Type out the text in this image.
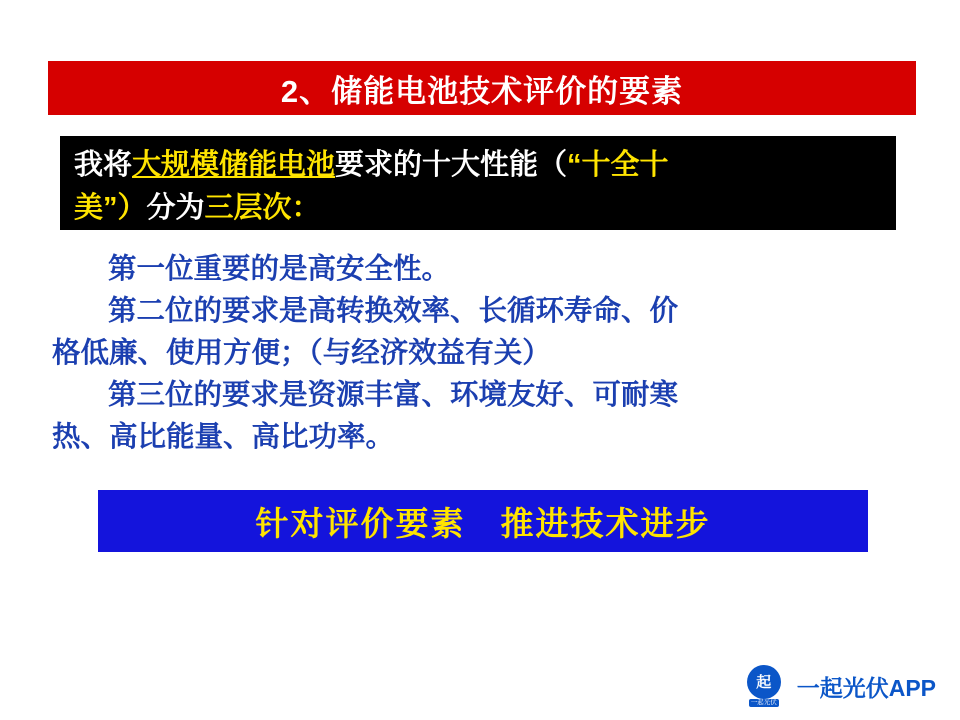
2、储能电池技术评价的要素
我将大规模储能电池要求的十大性能（“十全十
美”）分为三层次：

第一位重要的是高安全性。

第二位的要求是高转换效率、长循环寿命、价

格低廉、使用方便；（与经济效益有关）

第三位的要求是资源丰富、环境友好、可耐寒

热、高比能量、高比功率。

针对评价要素　推进技术进步
起
一起光伏
一起光伏APP
